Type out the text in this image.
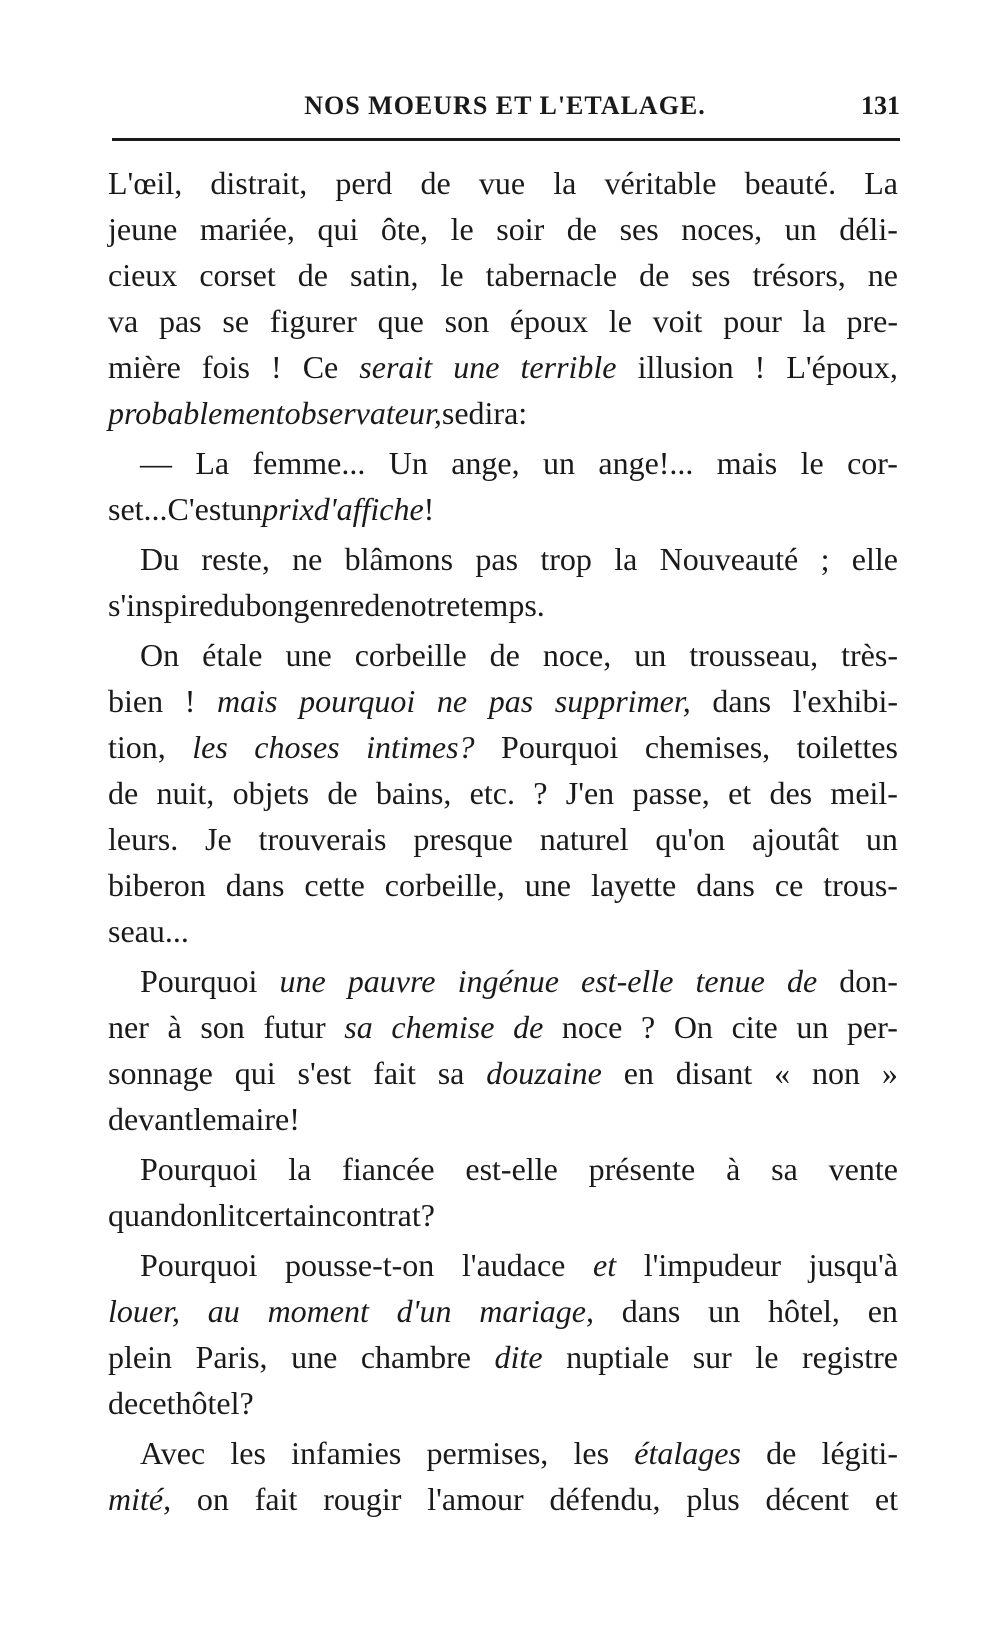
NOS MOEURS ET L'ETALAGE.	131
L'œil, distrait, perd de vue la véritable beauté. La
jeune mariée, qui ôte, le soir de ses noces, un déli-
cieux corset de satin, le tabernacle de ses trésors, ne
va pas se figurer que son époux le voit pour la pre-
mière fois ! Ce serait une terrible illusion ! L'époux,
probablement observateur, se dira :
— La femme... Un ange, un ange!... mais le cor-
set... C'est un prix d'affiche !
Du reste, ne blâmons pas trop la Nouveauté ; elle
s'inspire du bon genre de notre temps.
On étale une corbeille de noce, un trousseau, très-
bien ! mais pourquoi ne pas supprimer, dans l'exhibi-
tion, les choses intimes? Pourquoi chemises, toilettes
de nuit, objets de bains, etc. ? J'en passe, et des meil-
leurs. Je trouverais presque naturel qu'on ajoutât un
biberon dans cette corbeille, une layette dans ce trous-
seau...
Pourquoi une pauvre ingénue est-elle tenue de don-
ner à son futur sa chemise de noce ? On cite un per-
sonnage qui s'est fait sa douzaine en disant « non »
devant le maire !
Pourquoi la fiancée est-elle présente à sa vente
quand on lit certain contrat ?
Pourquoi pousse-t-on l'audace et l'impudeur jusqu'à
louer, au moment d'un mariage, dans un hôtel, en
plein Paris, une chambre dite nuptiale sur le registre
de cet hôtel?
Avec les infamies permises, les étalages de légiti-
mité, on fait rougir l'amour défendu, plus décent et
